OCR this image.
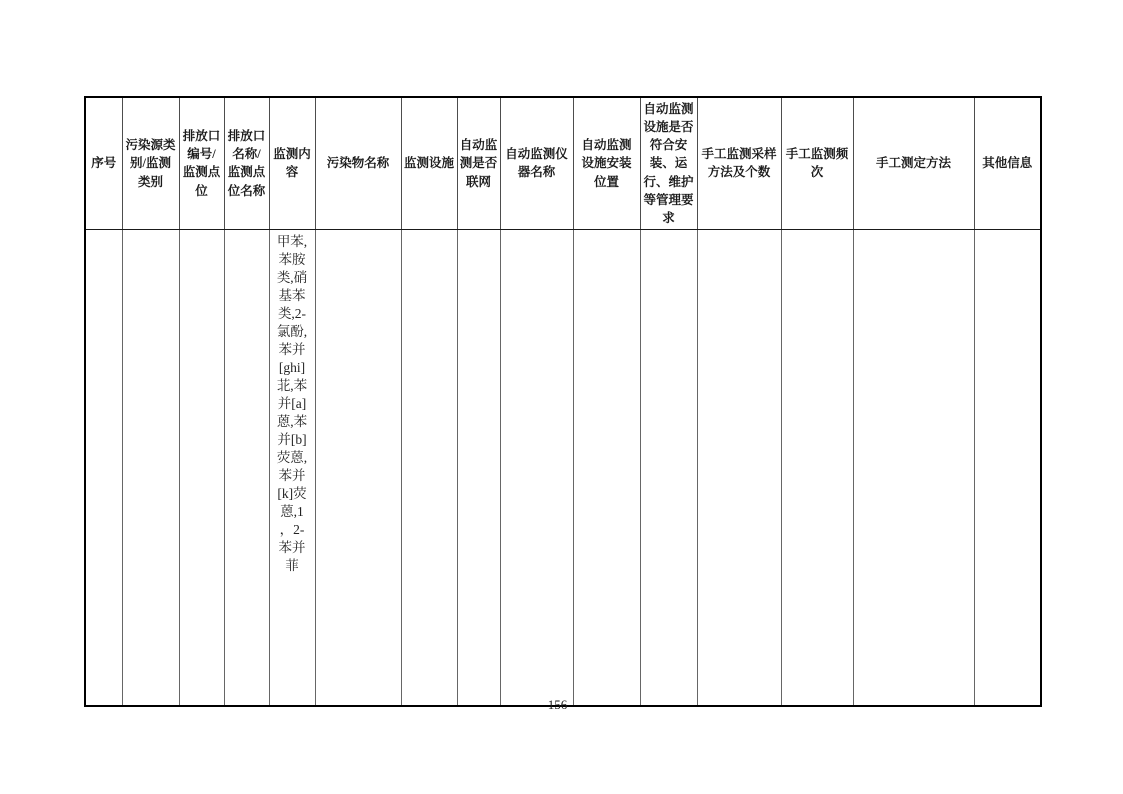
序号	污染源类别/监测类别	排放口编号/监测点位	排放口名称/监测点位名称	监测内容	污染物名称	监测设施	自动监测是否联网	自动监测仪器名称	自动监测设施安装位置	自动监测设施是否符合安装、运行、维护等管理要求	手工监测采样方法及个数	手工监测频次	手工测定方法	其他信息

				甲苯,苯胺类,硝基苯类,2-氯酚,苯并[ghi]苝,苯并[a]蒽,苯并[b]荧蒽,苯并[k]荧蒽,1，2-苯并菲										

156
